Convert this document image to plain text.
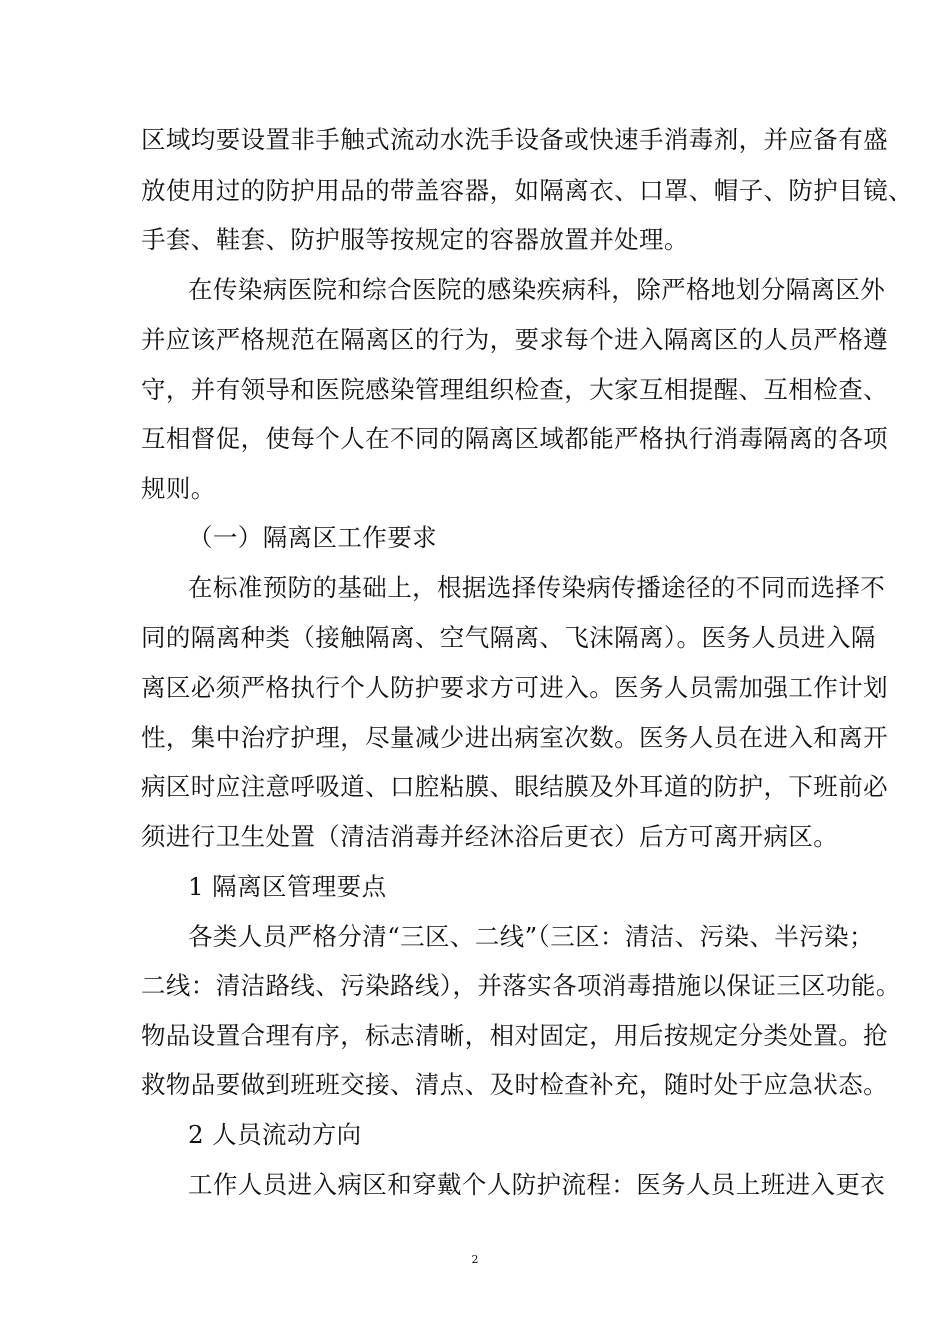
区域均要设置非手触式流动水洗手设备或快速手消毒剂，并应备有盛
放使用过的防护用品的带盖容器，如隔离衣、口罩、帽子、防护目镜、
手套、鞋套、防护服等按规定的容器放置并处理。
在传染病医院和综合医院的感染疾病科，除严格地划分隔离区外
并应该严格规范在隔离区的行为，要求每个进入隔离区的人员严格遵
守，并有领导和医院感染管理组织检查，大家互相提醒、互相检查、
互相督促，使每个人在不同的隔离区域都能严格执行消毒隔离的各项
规则。
（一）隔离区工作要求
在标准预防的基础上，根据选择传染病传播途径的不同而选择不
同的隔离种类（接触隔离、空气隔离、飞沫隔离）。医务人员进入隔
离区必须严格执行个人防护要求方可进入。医务人员需加强工作计划
性，集中治疗护理，尽量减少进出病室次数。医务人员在进入和离开
病区时应注意呼吸道、口腔粘膜、眼结膜及外耳道的防护，下班前必
须进行卫生处置（清洁消毒并经沐浴后更衣）后方可离开病区。
1 隔离区管理要点
各类人员严格分清“三区、二线”（三区：清洁、污染、半污染；
二线：清洁路线、污染路线），并落实各项消毒措施以保证三区功能。
物品设置合理有序，标志清晰，相对固定，用后按规定分类处置。抢
救物品要做到班班交接、清点、及时检查补充，随时处于应急状态。
2 人员流动方向
工作人员进入病区和穿戴个人防护流程：医务人员上班进入更衣
2
